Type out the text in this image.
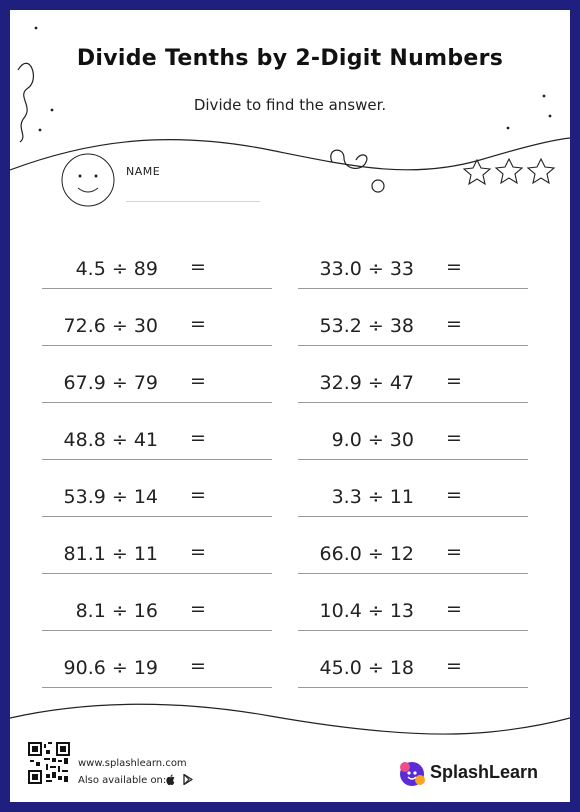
Divide Tenths by 2-Digit Numbers
Divide to find the answer.
NAME
4.5 ÷ 89 =
72.6 ÷ 30 =
67.9 ÷ 79 =
48.8 ÷ 41 =
53.9 ÷ 14 =
81.1 ÷ 11 =
8.1 ÷ 16 =
90.6 ÷ 19 =
33.0 ÷ 33 =
53.2 ÷ 38 =
32.9 ÷ 47 =
9.0 ÷ 30 =
3.3 ÷ 11 =
66.0 ÷ 12 =
10.4 ÷ 13 =
45.0 ÷ 18 =
www.splashlearn.com
Also available on:
	SplashLearn
